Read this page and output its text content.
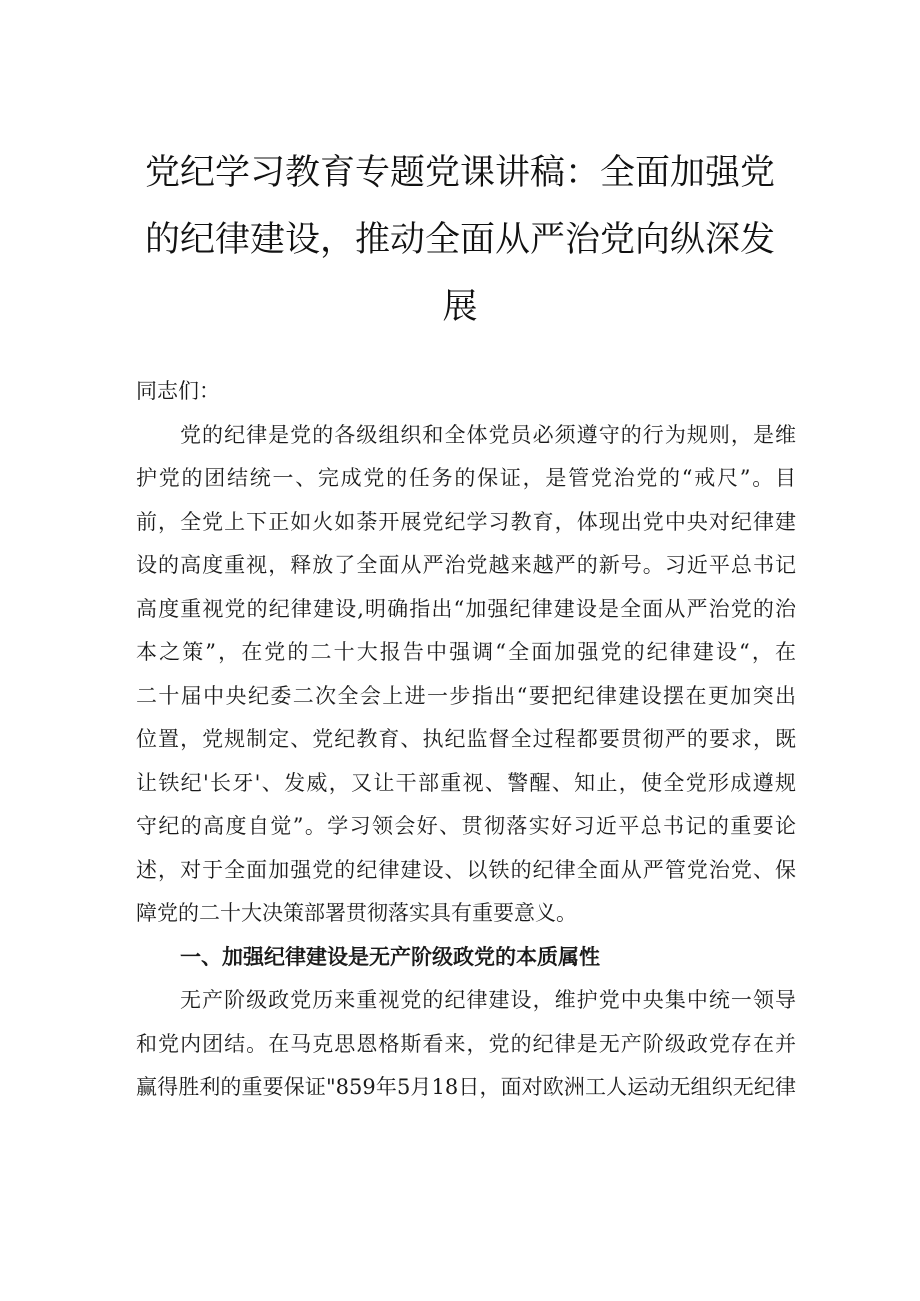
党纪学习教育专题党课讲稿：全面加强党
的纪律建设，推动全面从严治党向纵深发
展
同志们：
党的纪律是党的各级组织和全体党员必须遵守的行为规则，是维
护党的团结统一、完成党的任务的保证，是管党治党的“戒尺”。目
前，全党上下正如火如荼开展党纪学习教育，体现出党中央对纪律建
设的高度重视，释放了全面从严治党越来越严的新号。习近平总书记
高度重视党的纪律建设,明确指出“加强纪律建设是全面从严治党的治
本之策”，在党的二十大报告中强调“全面加强党的纪律建设“，在
二十届中央纪委二次全会上进一步指出“要把纪律建设摆在更加突出
位置，党规制定、党纪教育、执纪监督全过程都要贯彻严的要求，既
让铁纪'长牙'、发威，又让干部重视、警醒、知止，使全党形成遵规
守纪的高度自觉”。学习领会好、贯彻落实好习近平总书记的重要论
述，对于全面加强党的纪律建设、以铁的纪律全面从严管党治党、保
障党的二十大决策部署贯彻落实具有重要意义。
一、加强纪律建设是无产阶级政党的本质属性
无产阶级政党历来重视党的纪律建设，维护党中央集中统一领导
和党内团结。在马克思恩格斯看来，党的纪律是无产阶级政党存在并
赢得胜利的重要保证"859年5月18日，面对欧洲工人运动无组织无纪律
